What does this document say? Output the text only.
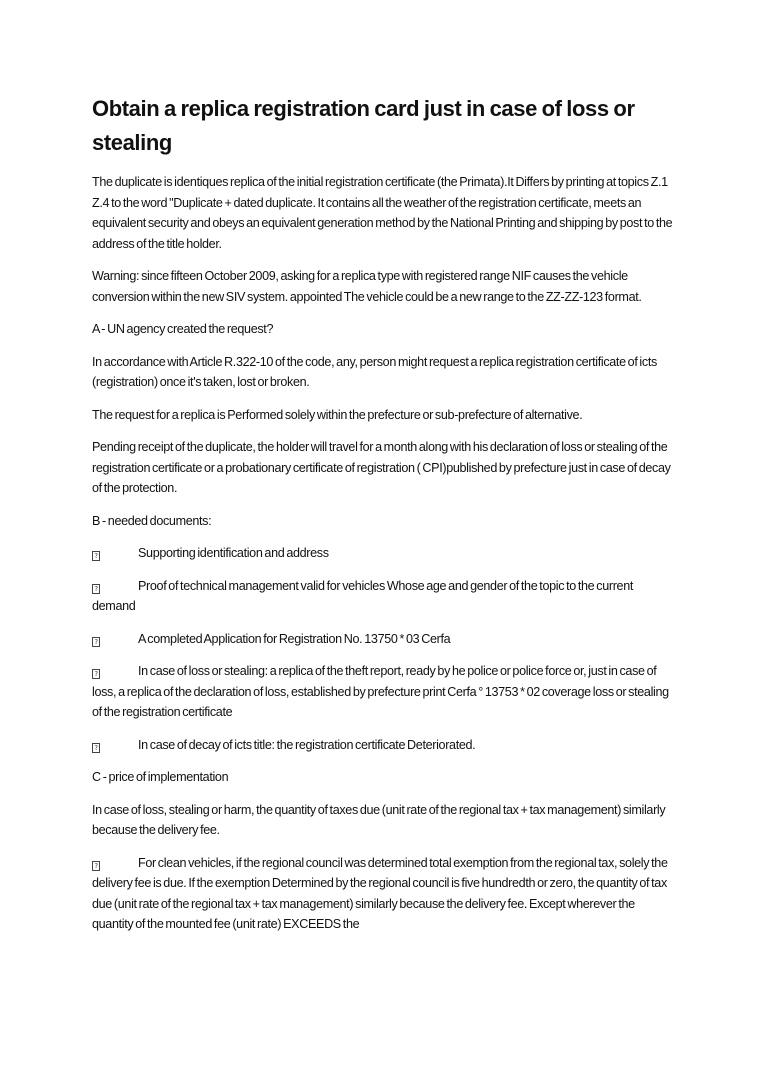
Obtain a replica registration card just in case of loss or stealing

The duplicate is identiques replica of the initial registration certificate (the Primata).It Differs by printing at topics Z.1 Z.4 to the word "Duplicate + dated duplicate. It contains all the weather of the registration certificate, meets an equivalent security and obeys an equivalent generation method by the National Printing and shipping by post to the address of the title holder.

Warning: since fifteen October 2009, asking for a replica type with registered range NIF causes the vehicle conversion within the new SIV system. appointed The vehicle could be a new range to the ZZ-ZZ-123 format.

A - UN agency created the request?

In accordance with Article R.322-10 of the code, any, person might request a replica registration certificate of icts (registration) once it's taken, lost or broken.

The request for a replica is Performed solely within the prefecture or sub-prefecture of alternative.

Pending receipt of the duplicate, the holder will travel for a month along with his declaration of loss or stealing of the registration certificate or a probationary certificate of registration ( CPI)published by prefecture just in case of decay of the protection.

B - needed documents:

?	Supporting identification and address

?	Proof of technical management valid for vehicles Whose age and gender of the topic to the current demand

?	A completed Application for Registration No. 13750 * 03 Cerfa

?	In case of loss or stealing: a replica of the theft report, ready by he police or police force or, just in case of loss, a replica of the declaration of loss, established by prefecture print Cerfa ° 13753 * 02 coverage loss or stealing of the registration certificate

?	In case of decay of icts title: the registration certificate Deteriorated.

C - price of implementation

In case of loss, stealing or harm, the quantity of taxes due (unit rate of the regional tax + tax management) similarly because the delivery fee.

?	For clean vehicles, if the regional council was determined total exemption from the regional tax, solely the delivery fee is due. If the exemption Determined by the regional council is five hundredth or zero, the quantity of tax due (unit rate of the regional tax + tax management) similarly because the delivery fee. Except wherever the quantity of the mounted fee (unit rate) EXCEEDS the
